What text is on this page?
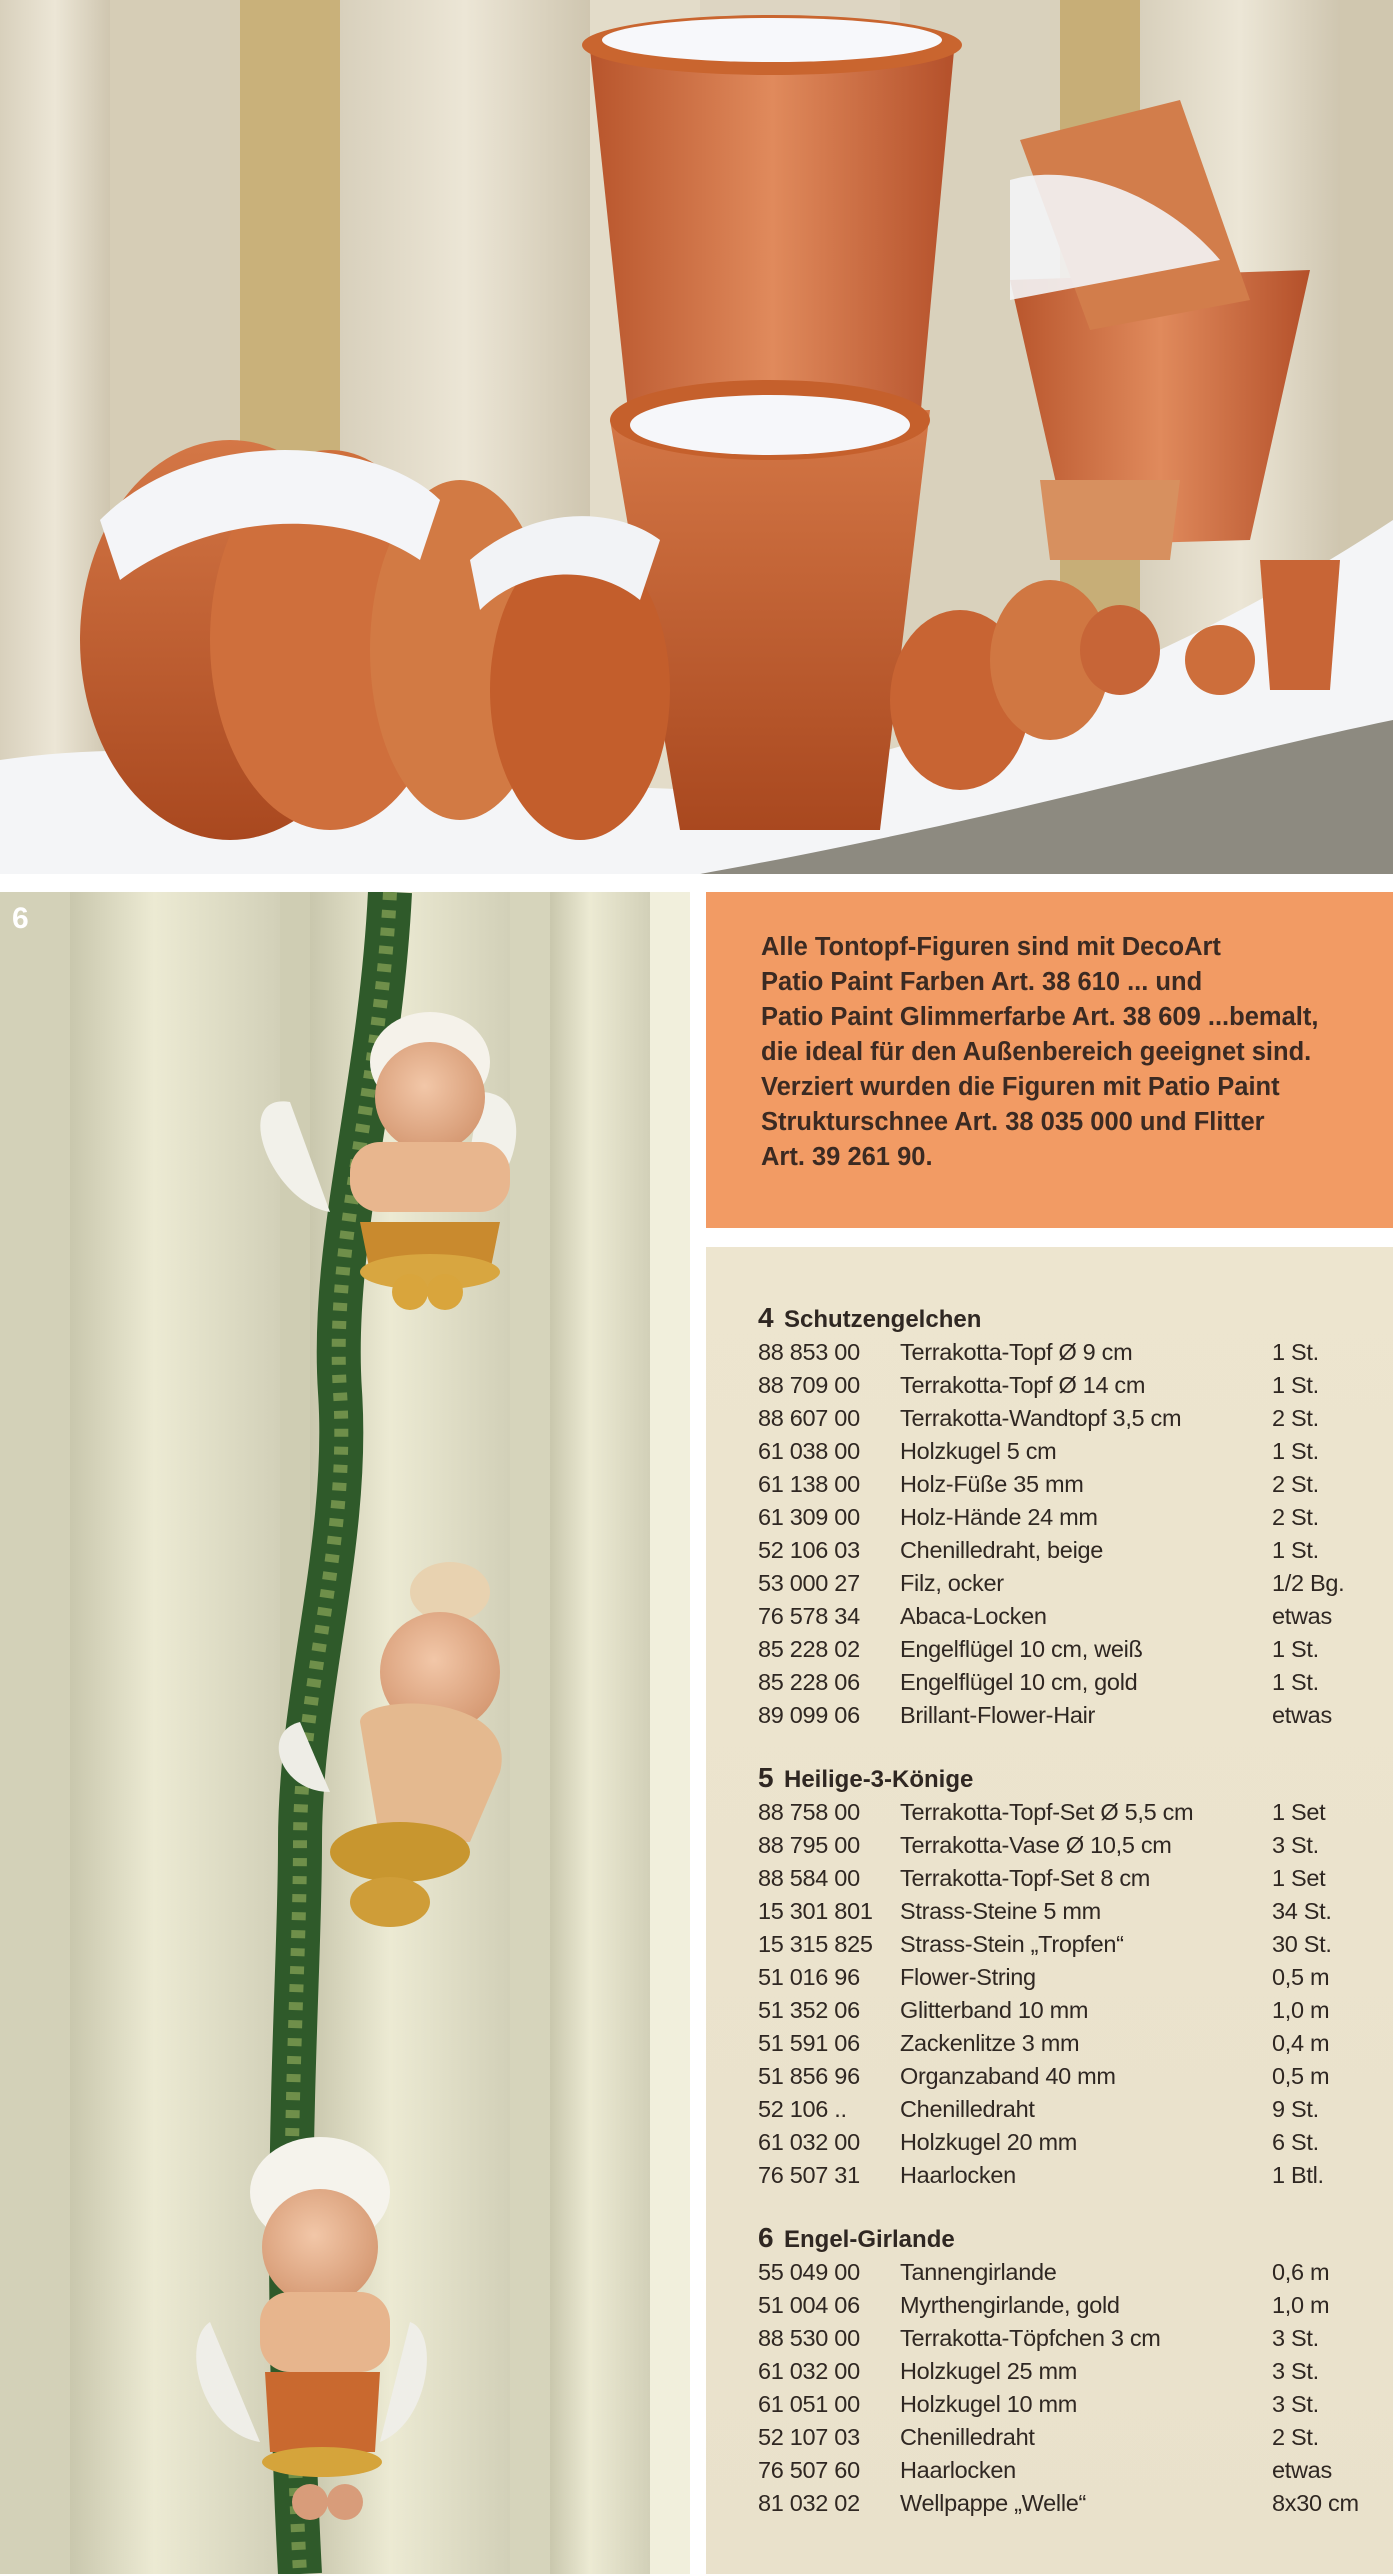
6

Alle Tontopf-Figuren sind mit DecoArt

Patio Paint Farben Art. 38 610 ... und

Patio Paint Glimmerfarbe Art. 38 609 ...bemalt,

die ideal für den Außenbereich geeignet sind.

Verziert wurden die Figuren mit Patio Paint

Strukturschnee Art. 38 035 000 und Flitter

Art. 39 261 90.

4 Schutzengelchen
88 853 00	Terrakotta-Topf Ø 9 cm	1 St.
88 709 00	Terrakotta-Topf Ø 14 cm	1 St.
88 607 00	Terrakotta-Wandtopf 3,5 cm	2 St.
61 038 00	Holzkugel 5 cm	1 St.
61 138 00	Holz-Füße 35 mm	2 St.
61 309 00	Holz-Hände 24 mm	2 St.
52 106 03	Chenilledraht, beige	1 St.
53 000 27	Filz, ocker	1/2 Bg.
76 578 34	Abaca-Locken	etwas
85 228 02	Engelflügel 10 cm, weiß	1 St.
85 228 06	Engelflügel 10 cm, gold	1 St.
89 099 06	Brillant-Flower-Hair	etwas
5 Heilige-3-Könige
88 758 00	Terrakotta-Topf-Set Ø 5,5 cm	1 Set
88 795 00	Terrakotta-Vase Ø 10,5 cm	3 St.
88 584 00	Terrakotta-Topf-Set 8 cm	1 Set
15 301 801	Strass-Steine 5 mm	34 St.
15 315 825	Strass-Stein „Tropfen“	30 St.
51 016 96	Flower-String	0,5 m
51 352 06	Glitterband 10 mm	1,0 m
51 591 06	Zackenlitze 3 mm	0,4 m
51 856 96	Organzaband 40 mm	0,5 m
52 106 ..	Chenilledraht	9 St.
61 032 00	Holzkugel 20 mm	6 St.
76 507 31	Haarlocken	1 Btl.
6 Engel-Girlande
55 049 00	Tannengirlande	0,6 m
51 004 06	Myrthengirlande, gold	1,0 m
88 530 00	Terrakotta-Töpfchen 3 cm	3 St.
61 032 00	Holzkugel 25 mm	3 St.
61 051 00	Holzkugel 10 mm	3 St.
52 107 03	Chenilledraht	2 St.
76 507 60	Haarlocken	etwas
81 032 02	Wellpappe „Welle“	8x30 cm
